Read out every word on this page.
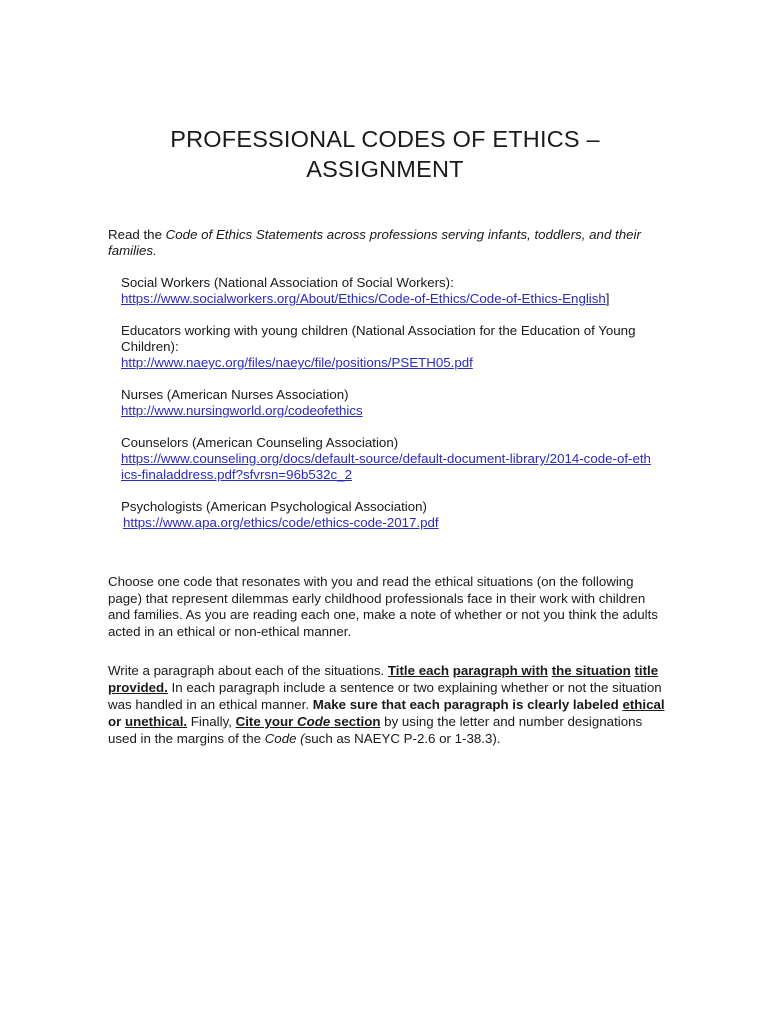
PROFESSIONAL CODES OF ETHICS –
ASSIGNMENT
Read the Code of Ethics Statements across professions serving infants, toddlers, and their families.
Social Workers (National Association of Social Workers):
https://www.socialworkers.org/About/Ethics/Code-of-Ethics/Code-of-Ethics-English]
Educators working with young children (National Association for the Education of Young Children):
http://www.naeyc.org/files/naeyc/file/positions/PSETH05.pdf
Nurses (American Nurses Association)
http://www.nursingworld.org/codeofethics
Counselors (American Counseling Association)
https://www.counseling.org/docs/default-source/default-document-library/2014-code-of-ethics-finaladdress.pdf?sfvrsn=96b532c_2
Psychologists (American Psychological Association)
https://www.apa.org/ethics/code/ethics-code-2017.pdf
Choose one code that resonates with you and read the ethical situations (on the following page) that represent dilemmas early childhood professionals face in their work with children and families. As you are reading each one, make a note of whether or not you think the adults acted in an ethical or non-ethical manner.
Write a paragraph about each of the situations. Title each paragraph with the situation title provided. In each paragraph include a sentence or two explaining whether or not the situation was handled in an ethical manner. Make sure that each paragraph is clearly labeled ethical or unethical. Finally, Cite your Code section by using the letter and number designations used in the margins of the Code (such as NAEYC P-2.6 or 1-38.3).
